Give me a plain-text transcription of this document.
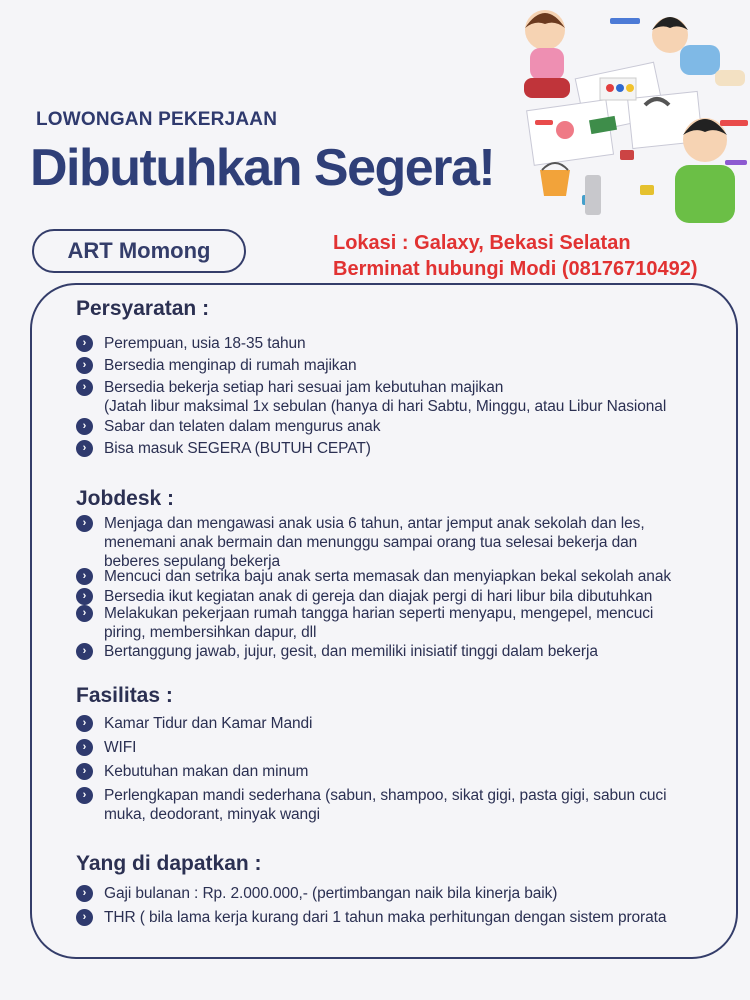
LOWONGAN PEKERJAAN
Dibutuhkan Segera!
ART Momong	Lokasi : Galaxy, Bekasi Selatan
Berminat hubungi Modi (08176710492)
Persyaratan :
›	Perempuan, usia 18-35 tahun
›	Bersedia menginap di rumah majikan
›	Bersedia bekerja setiap hari sesuai jam kebutuhan majikan
(Jatah libur maksimal 1x sebulan (hanya di hari Sabtu, Minggu, atau Libur Nasional
›	Sabar dan telaten dalam mengurus anak
›	Bisa masuk SEGERA (BUTUH CEPAT)
Jobdesk :
›	Menjaga dan mengawasi anak usia 6 tahun, antar jemput anak sekolah dan les,
menemani anak bermain dan menunggu sampai orang tua selesai bekerja dan
beberes sepulang bekerja
›	Mencuci dan setrika baju anak serta memasak dan menyiapkan bekal sekolah anak
›	Bersedia ikut kegiatan anak di gereja dan diajak pergi di hari libur bila dibutuhkan
›	Melakukan pekerjaan rumah tangga harian seperti menyapu, mengepel, mencuci
piring, membersihkan dapur, dll
›	Bertanggung jawab, jujur, gesit, dan memiliki inisiatif tinggi dalam bekerja
Fasilitas :
›	Kamar Tidur dan Kamar Mandi
›	WIFI
›	Kebutuhan makan dan minum
›	Perlengkapan mandi sederhana (sabun, shampoo, sikat gigi, pasta gigi, sabun cuci
muka, deodorant, minyak wangi
Yang di dapatkan :
›	Gaji bulanan : Rp. 2.000.000,- (pertimbangan naik bila kinerja baik)
›	THR ( bila lama kerja kurang dari 1 tahun maka perhitungan dengan sistem prorata
